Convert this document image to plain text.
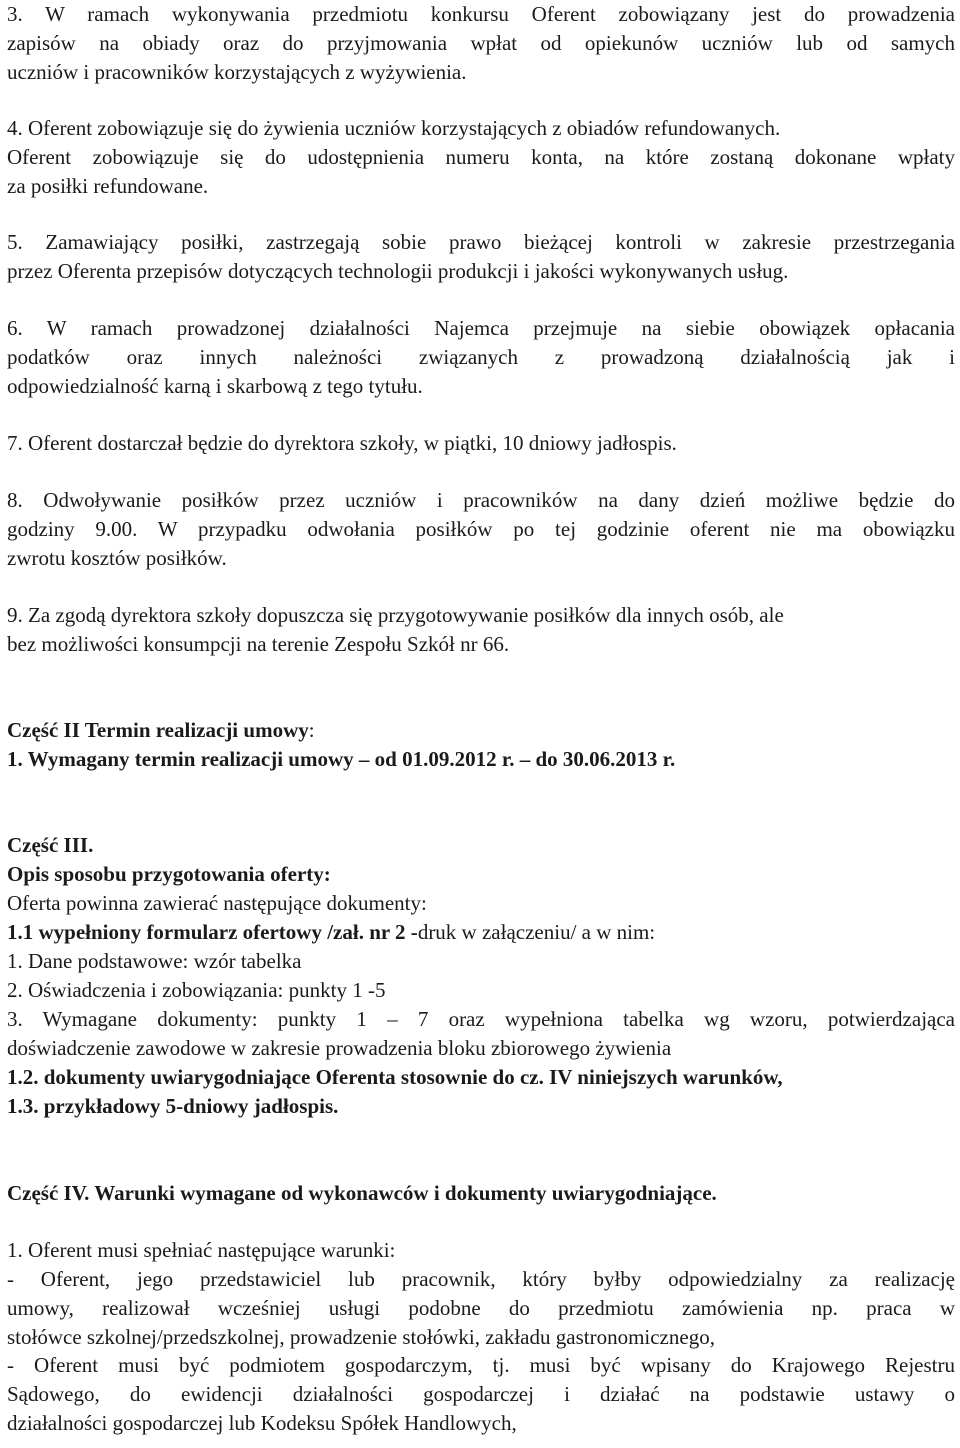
3. W ramach wykonywania przedmiotu konkursu Oferent zobowiązany jest do prowadzenia
zapisów na obiady oraz do przyjmowania wpłat od opiekunów uczniów lub od samych
uczniów i pracowników korzystających z wyżywienia.
4. Oferent zobowiązuje się do żywienia uczniów korzystających z obiadów refundowanych.
Oferent zobowiązuje się do udostępnienia numeru konta, na które zostaną dokonane wpłaty
za posiłki refundowane.
5. Zamawiający posiłki, zastrzegają sobie prawo bieżącej kontroli w zakresie przestrzegania
przez Oferenta przepisów dotyczących technologii produkcji i jakości wykonywanych usług.
6. W ramach prowadzonej działalności Najemca przejmuje na siebie obowiązek opłacania
podatków oraz innych należności związanych z prowadzoną działalnością jak i
odpowiedzialność karną i skarbową z tego tytułu.
7. Oferent dostarczał będzie do dyrektora szkoły, w piątki, 10 dniowy jadłospis.
8. Odwoływanie posiłków przez uczniów i pracowników na dany dzień możliwe będzie do
godziny 9.00. W przypadku odwołania posiłków po tej godzinie oferent nie ma obowiązku
zwrotu kosztów posiłków.
9. Za zgodą dyrektora szkoły dopuszcza się przygotowywanie posiłków dla innych osób, ale
bez możliwości konsumpcji na terenie Zespołu Szkół nr 66.
Część II Termin realizacji umowy:
1. Wymagany termin realizacji umowy – od 01.09.2012 r. – do 30.06.2013 r.
Część III.
Opis sposobu przygotowania oferty:
Oferta powinna zawierać następujące dokumenty:
1.1 wypełniony formularz ofertowy /zał. nr 2 -druk w załączeniu/ a w nim:
1. Dane podstawowe: wzór tabelka
2. Oświadczenia i zobowiązania: punkty 1 -5
3. Wymagane dokumenty: punkty 1 – 7 oraz wypełniona tabelka wg wzoru, potwierdzająca
doświadczenie zawodowe w zakresie prowadzenia bloku zbiorowego żywienia
1.2. dokumenty uwiarygodniające Oferenta stosownie do cz. IV niniejszych warunków,
1.3. przykładowy 5-dniowy jadłospis.
Część IV. Warunki wymagane od wykonawców i dokumenty uwiarygodniające.
1. Oferent musi spełniać następujące warunki:
- Oferent, jego przedstawiciel lub pracownik, który byłby odpowiedzialny za realizację
umowy, realizował wcześniej usługi podobne do przedmiotu zamówienia np. praca w
stołówce szkolnej/przedszkolnej, prowadzenie stołówki, zakładu gastronomicznego,
- Oferent musi być podmiotem gospodarczym, tj. musi być wpisany do Krajowego Rejestru
Sądowego, do ewidencji działalności gospodarczej i działać na podstawie ustawy o
działalności gospodarczej lub Kodeksu Spółek Handlowych,
